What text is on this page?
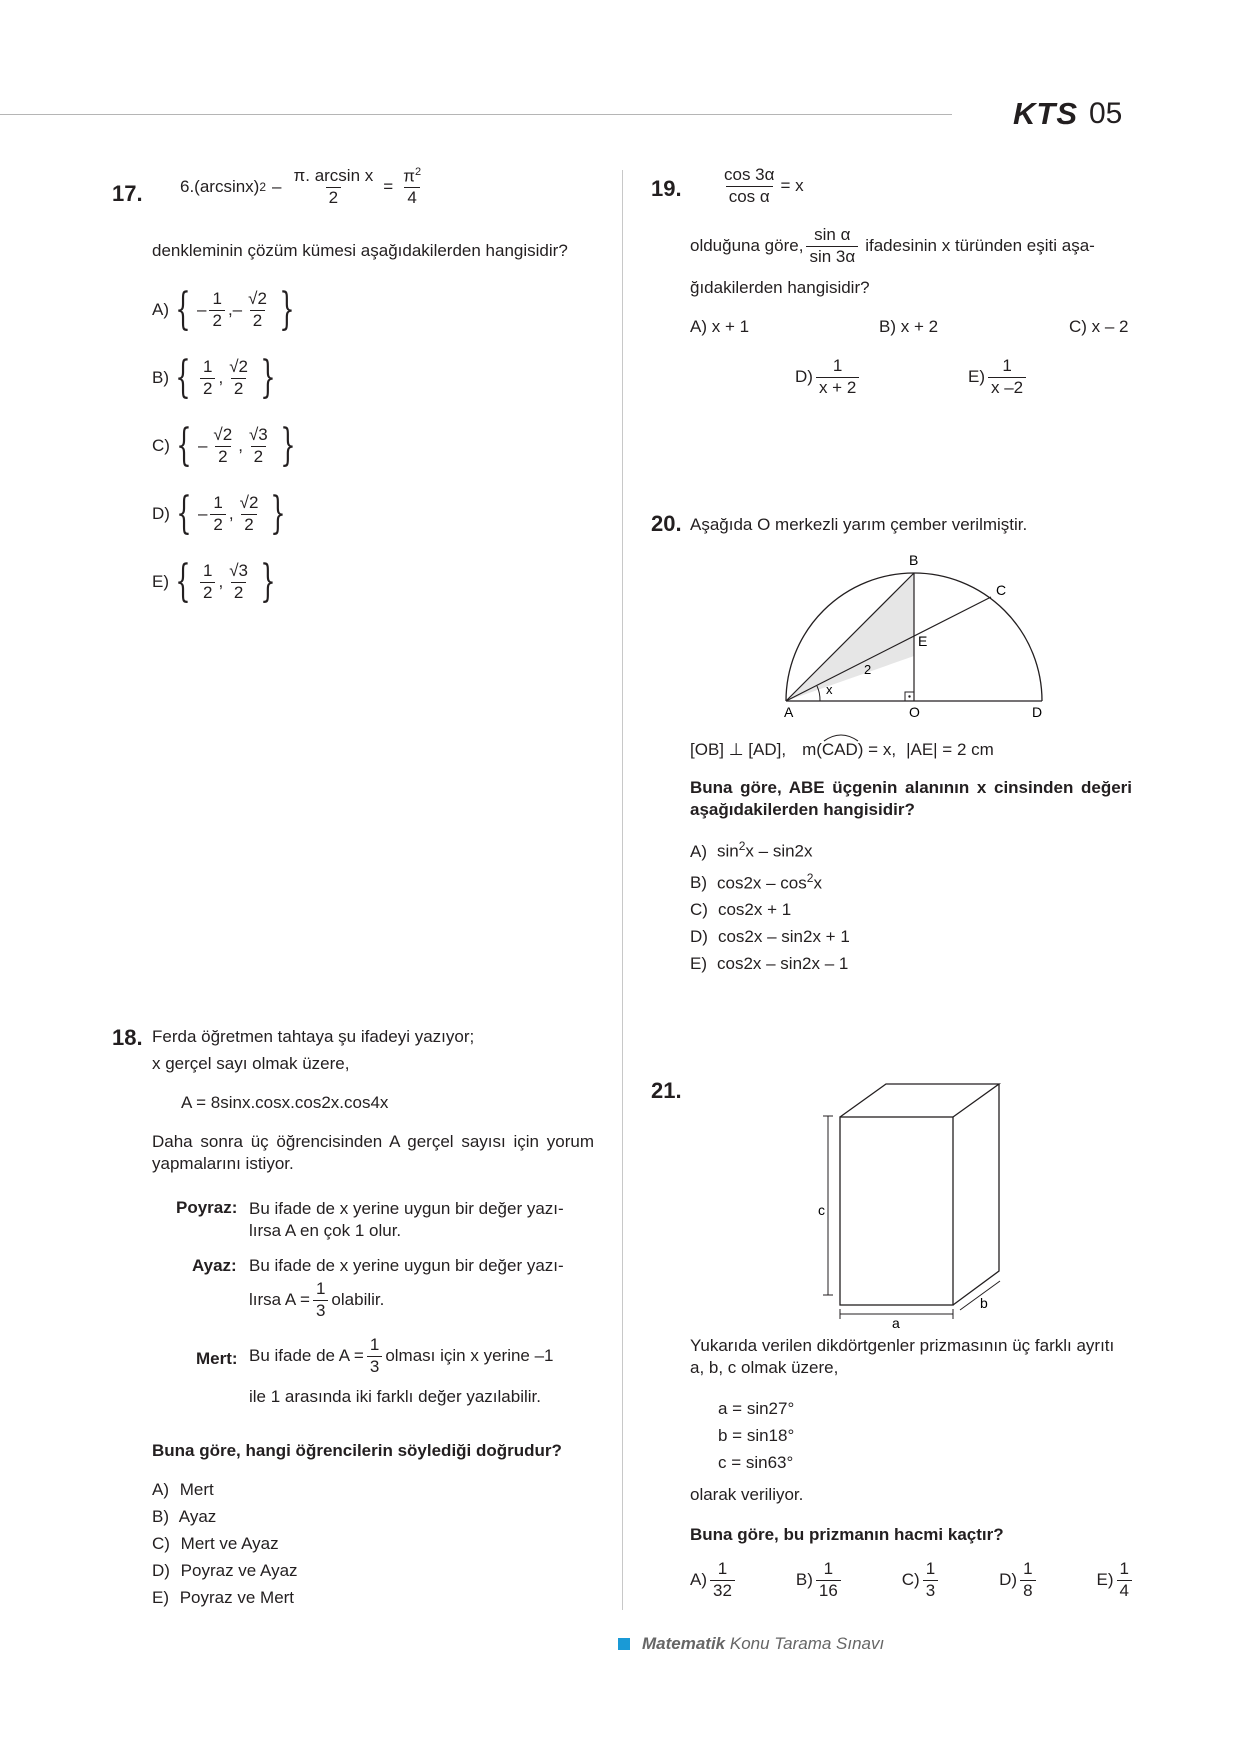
KTS 05
17. 6.(arcsinx) $2 - \frac{\text{π. arcsin x}}{2} = \frac{\pi^2}{4}$
denkleminin çözüm kümesi aşağıdakilerden hangisidir?
A) { – $\frac{1}{2}$ , – $\frac{√2}{2}$ }
B) { $\frac{1}{2}$ , $\frac{√2}{2}$ }
C) { – $\frac{√2}{2}$ , $\frac{√3}{2}$ }
D) { – $\frac{1}{2}$ , $\frac{√2}{2}$ }
E) { $\frac{1}{2}$ , $\frac{√3}{2}$ }
18. Ferda öğretmen tahtaya şu ifadeyi yazıyor;
x gerçel sayı olmak üzere,
A = 8sinx.cosx.cos2x.cos4x
Daha sonra üç öğrencisinden A gerçel sayısı için yorum yapmalarını istiyor.
Poyraz: Bu ifade de x yerine uygun bir değer yazı-
lırsa A en çok 1 olur.
Ayaz: Bu ifade de x yerine uygun bir değer yazı-
lırsa $A = \frac{1}{3}$ olabilir.
Mert: Bu ifade de $A = \frac{1}{3}$ olması için x yerine –1
ile 1 arasında iki farklı değer yazılabilir.
Buna göre, hangi öğrencilerin söylediği doğrudur?
A) Mert
B) Ayaz
C) Mert ve Ayaz
D) Poyraz ve Ayaz
E) Poyraz ve Mert
19. $\frac{\cos 3\alpha}{\text{cos α}} = x$
olduğuna göre, $\frac{\text{sin α}}{\sin 3\alpha}$ ifadesinin x türünden eşiti aşa-
ğıdakilerden hangisidir?
A) x + 1	B) x + 2	C) x – 2
$D) \frac{1}{x + 2}$	$E) \frac{1}{x -2}$
20. Aşağıda O merkezli yarım çember verilmiştir.
A
B
C
D
E
O
x
2
[OB] ⊥ [AD], m( CAD ) = x, |AE| = 2 cm
Buna göre, ABE üçgenin alanının x cinsinden değeri aşağıdakilerden hangisidir?
A) $\sin^2x - \sin 2x$
B) $\cos 2x - \cos^2x$
C) cos2x + 1
D) cos2x – sin2x + 1
E) cos2x – sin2x – 1
21.
c
a
b
Yukarıda verilen dikdörtgenler prizmasının üç farklı ayrıtı a, b, c olmak üzere,
a = sin27°
b = sin18°
c = sin63°
olarak veriliyor.
Buna göre, bu prizmanın hacmi kaçtır?
$A) \frac{1}{32}$	$B) \frac{1}{16}$	$C) \frac{1}{3}$	$D) \frac{1}{8}$	$E) \frac{1}{4}$
Matematik Konu Tarama Sınavı
